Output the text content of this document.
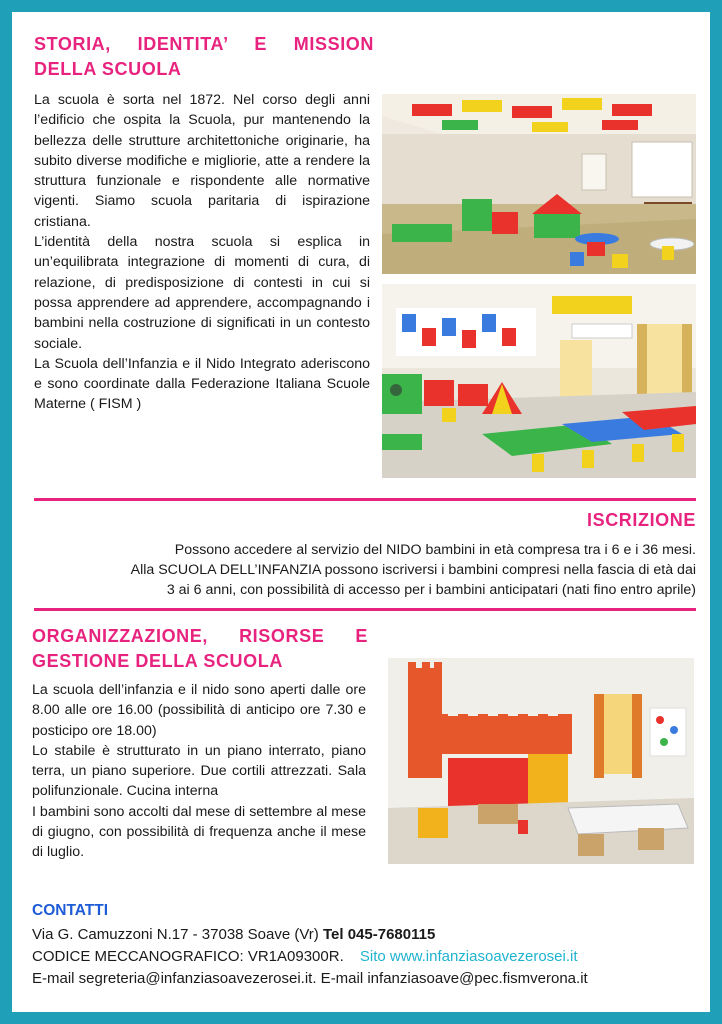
STORIA, IDENTITA’ E MISSION
DELLA SCUOLA

La scuola è sorta nel 1872. Nel corso degli anni l’edificio che ospita la Scuola, pur mantenendo la bellezza delle strutture architettoniche originarie, ha subito diverse modifiche e migliorie, atte a rendere la struttura funzionale e rispondente alle normative vigenti. Siamo scuola paritaria di ispirazione cristiana.

L’identità della nostra scuola si esplica in un’equilibrata integrazione di momenti di cura, di relazione, di predisposizione di contesti in cui si possa apprendere ad apprendere, accompagnando i bambini nella costruzione di significati in un contesto sociale.

La Scuola dell’Infanzia e il Nido Integrato aderiscono e sono coordinate dalla Federazione Italiana Scuole Materne ( FISM )

ISCRIZIONE
Possono accedere al servizio del NIDO bambini in età compresa tra i 6 e i 36 mesi.
Alla SCUOLA DELL’INFANZIA possono iscriversi i bambini compresi nella fascia di età dai
3 ai 6 anni, con possibilità di accesso per i bambini anticipatari (nati fino entro aprile)
ORGANIZZAZIONE, RISORSE E
GESTIONE DELLA SCUOLA

La scuola dell’infanzia e il nido sono aperti dalle ore 8.00 alle ore 16.00 (possibilità di anticipo ore 7.30 e posticipo ore 18.00)

Lo stabile è strutturato in un piano interrato, piano terra, un piano superiore. Due cortili attrezzati. Sala polifunzionale. Cucina interna

I bambini sono accolti dal mese di settembre al mese di giugno, con possibilità di frequenza anche il mese di luglio.

CONTATTI
Via G. Camuzzoni N.17 - 37038 Soave (Vr) Tel 045-7680115
CODICE MECCANOGRAFICO: VR1A09300R. Sito www.infanziasoavezerosei.it
E-mail segreteria@infanziasoavezerosei.it. E-mail infanziasoave@pec.fismverona.it
